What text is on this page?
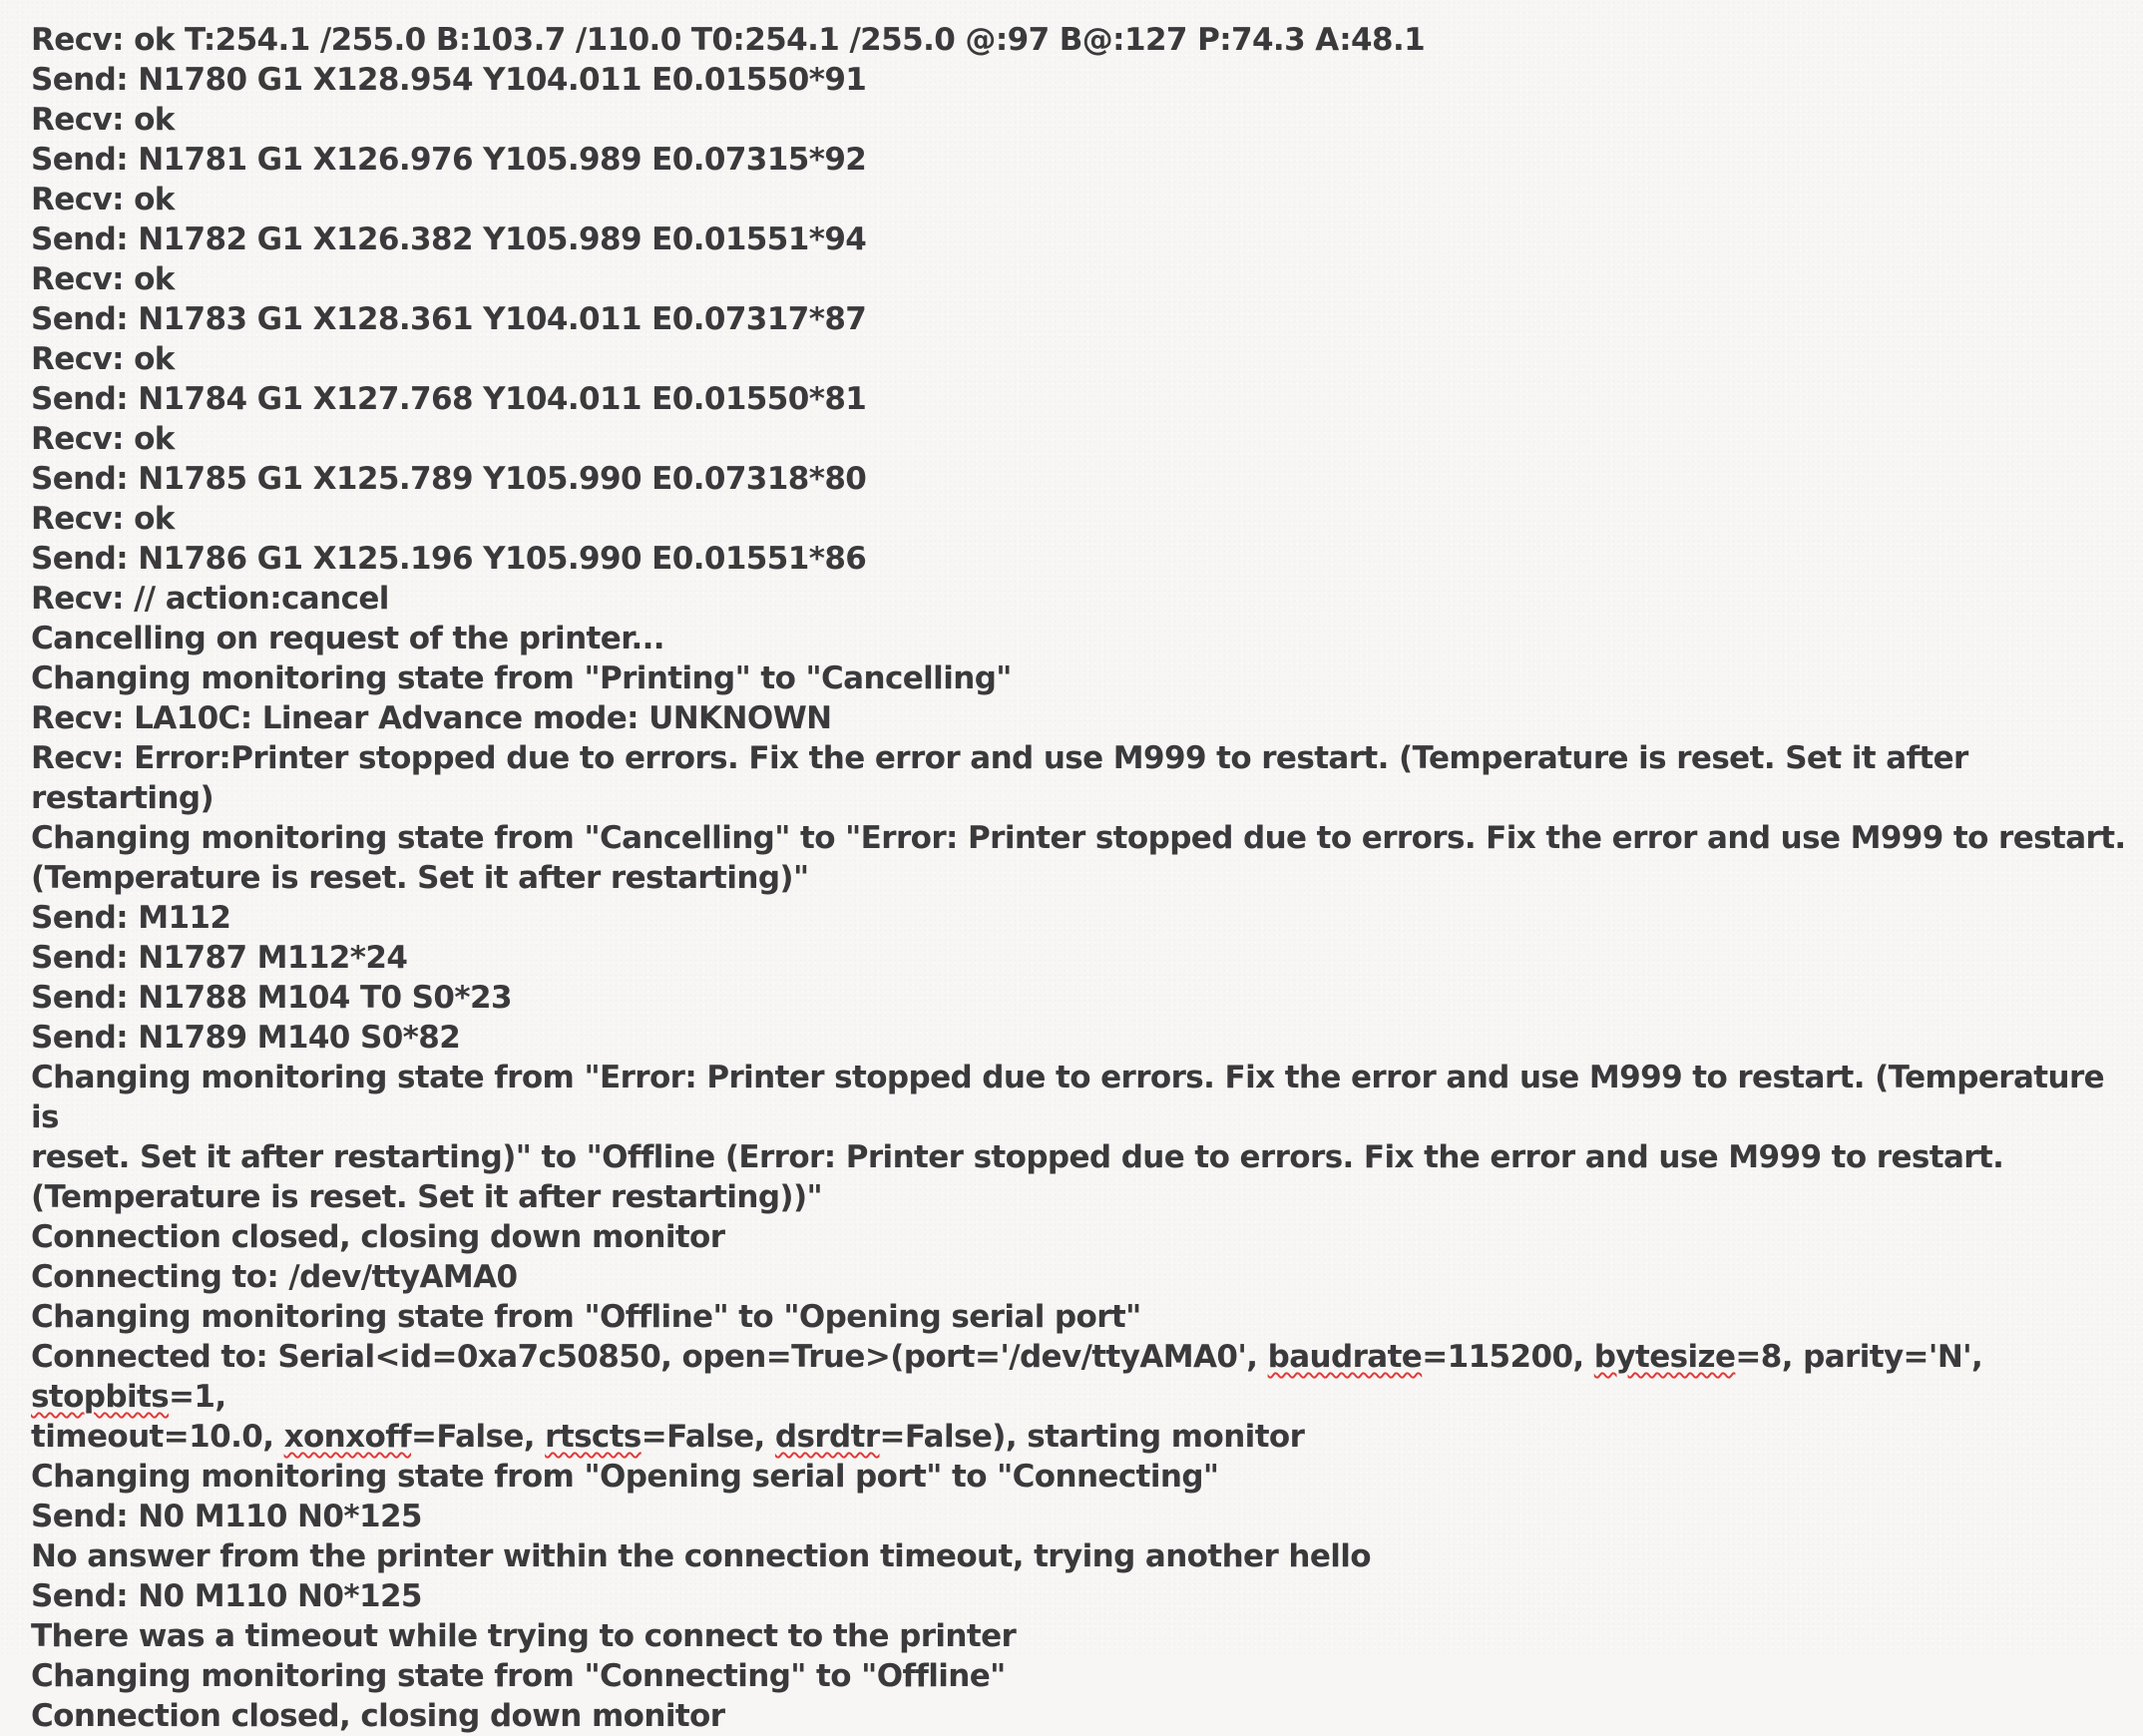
Recv: ok T:254.1 /255.0 B:103.7 /110.0 T0:254.1 /255.0 @:97 B@:127 P:74.3 A:48.1
Send: N1780 G1 X128.954 Y104.011 E0.01550*91
Recv: ok
Send: N1781 G1 X126.976 Y105.989 E0.07315*92
Recv: ok
Send: N1782 G1 X126.382 Y105.989 E0.01551*94
Recv: ok
Send: N1783 G1 X128.361 Y104.011 E0.07317*87
Recv: ok
Send: N1784 G1 X127.768 Y104.011 E0.01550*81
Recv: ok
Send: N1785 G1 X125.789 Y105.990 E0.07318*80
Recv: ok
Send: N1786 G1 X125.196 Y105.990 E0.01551*86
Recv: // action:cancel
Cancelling on request of the printer...
Changing monitoring state from "Printing" to "Cancelling"
Recv: LA10C: Linear Advance mode: UNKNOWN
Recv: Error:Printer stopped due to errors. Fix the error and use M999 to restart. (Temperature is reset. Set it after restarting)
Changing monitoring state from "Cancelling" to "Error: Printer stopped due to errors. Fix the error and use M999 to restart.
(Temperature is reset. Set it after restarting)"
Send: M112
Send: N1787 M112*24
Send: N1788 M104 T0 S0*23
Send: N1789 M140 S0*82
Changing monitoring state from "Error: Printer stopped due to errors. Fix the error and use M999 to restart. (Temperature is
reset. Set it after restarting)" to "Offline (Error: Printer stopped due to errors. Fix the error and use M999 to restart.
(Temperature is reset. Set it after restarting))"
Connection closed, closing down monitor
Connecting to: /dev/ttyAMA0
Changing monitoring state from "Offline" to "Opening serial port"
Connected to: Serial<id=0xa7c50850, open=True>(port='/dev/ttyAMA0', baudrate=115200, bytesize=8, parity='N', stopbits=1,
timeout=10.0, xonxoff=False, rtscts=False, dsrdtr=False), starting monitor
Changing monitoring state from "Opening serial port" to "Connecting"
Send: N0 M110 N0*125
No answer from the printer within the connection timeout, trying another hello
Send: N0 M110 N0*125
There was a timeout while trying to connect to the printer
Changing monitoring state from "Connecting" to "Offline"
Connection closed, closing down monitor
